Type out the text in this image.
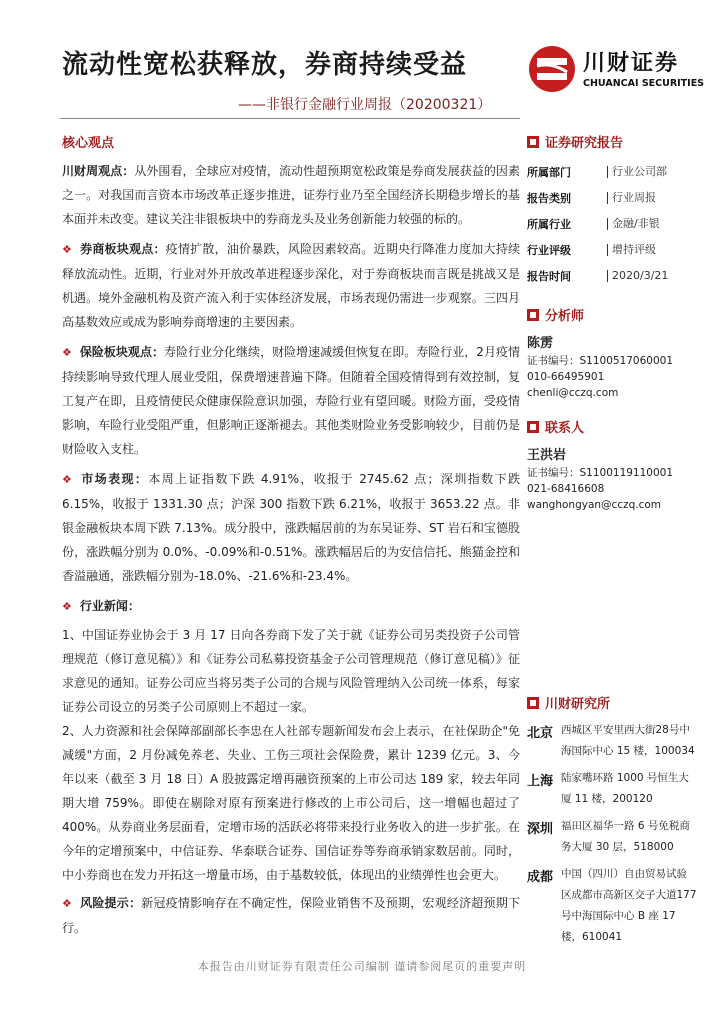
流动性宽松获释放，券商持续受益
——非银行金融行业周报（20200321）
川财证券
CHUANCAI SECURITIES
核心观点

川财周观点：从外围看，全球应对疫情，流动性超预期宽松政策是券商发展获益的因素之一。对我国而言资本市场改革正逐步推进，证券行业乃至全国经济长期稳步增长的基本面并未改变。建议关注非银板块中的券商龙头及业务创新能力较强的标的。

❖ 券商板块观点：疫情扩散，油价暴跌，风险因素较高。近期央行降准力度加大持续释放流动性。近期，行业对外开放改革进程逐步深化，对于券商板块而言既是挑战又是机遇。境外金融机构及资产流入利于实体经济发展，市场表现仍需进一步观察。三四月高基数效应或成为影响券商增速的主要因素。

❖ 保险板块观点：寿险行业分化继续，财险增速减缓但恢复在即。寿险行业，2月疫情持续影响导致代理人展业受阻，保费增速普遍下降。但随着全国疫情得到有效控制，复工复产在即，且疫情使民众健康保险意识加强，寿险行业有望回暖。财险方面，受疫情影响，车险行业受阻严重，但影响正逐渐褪去。其他类财险业务受影响较少，目前仍是财险收入支柱。

❖ 市场表现：本周上证指数下跌 4.91%，收报于 2745.62 点；深圳指数下跌 6.15%，收报于 1331.30 点；沪深 300 指数下跌 6.21%，收报于 3653.22 点。非银金融板块本周下跌 7.13%。成分股中，涨跌幅居前的为东吴证券、ST 岩石和宝德股份，涨跌幅分别为 0.0%、-0.09%和-0.51%。涨跌幅居后的为安信信托、熊猫金控和香溢融通，涨跌幅分别为-18.0%、-21.6%和-23.4%。

❖ 行业新闻：

1、中国证券业协会于 3 月 17 日向各券商下发了关于就《证券公司另类投资子公司管理规范（修订意见稿）》和《证券公司私募投资基金子公司管理规范（修订意见稿）》征求意见的通知。证券公司应当将另类子公司的合规与风险管理纳入公司统一体系，每家证券公司设立的另类子公司原则上不超过一家。

2、人力资源和社会保障部副部长李忠在人社部专题新闻发布会上表示，在社保助企"免减缓"方面，2 月份减免养老、失业、工伤三项社会保险费，累计 1239 亿元。3、今年以来（截至 3 月 18 日）A 股披露定增再融资预案的上市公司达 189 家，较去年同期大增 759%。即使在剔除对原有预案进行修改的上市公司后，这一增幅也超过了 400%。从券商业务层面看，定增市场的活跃必将带来投行业务收入的进一步扩张。在今年的定增预案中，中信证券、华泰联合证券、国信证券等券商承销家数居前。同时，中小券商也在发力开拓这一增量市场，由于基数较低，体现出的业绩弹性也会更大。

❖ 风险提示：新冠疫情影响存在不确定性，保险业销售不及预期，宏观经济超预期下行。

证券研究报告
所属部门	行业公司部
报告类别	行业周报
所属行业	金融/非银
行业评级	增持评级
报告时间	2020/3/21
分析师
陈雳
证书编号：S1100517060001
010-66495901
chenli@cczq.com
联系人
王洪岩
证书编号：S1100119110001
021-68416608
wanghongyan@cczq.com
川财研究所
北京 西城区平安里西大街28号中海国际中心 15 楼，100034
上海 陆家嘴环路 1000 号恒生大厦 11 楼，200120
深圳 福田区福华一路 6 号免税商务大厦 30 层，518000
成都 中国（四川）自由贸易试验区成都市高新区交子大道177 号中海国际中心 B 座 17 楼，610041
本报告由川财证券有限责任公司编制 谨请参阅尾页的重要声明
